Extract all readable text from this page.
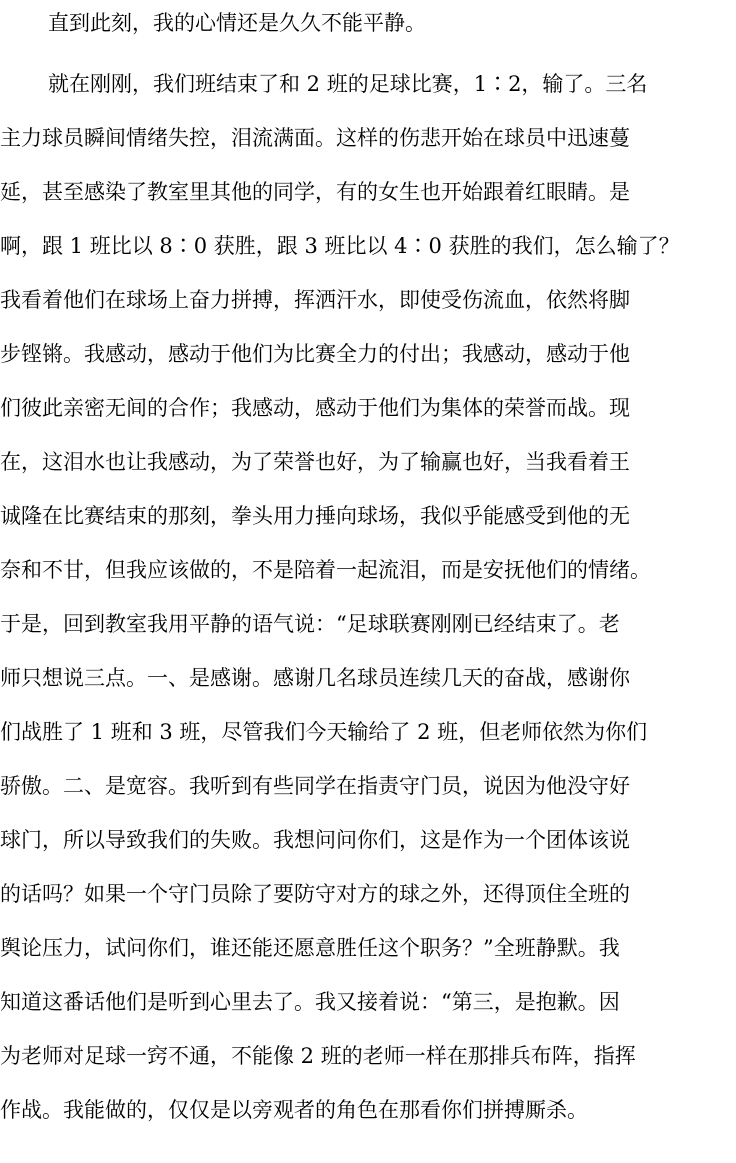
直到此刻，我的心情还是久久不能平静。
就在刚刚，我们班结束了和 2 班的足球比赛，1∶2，输了。三名
主力球员瞬间情绪失控，泪流满面。这样的伤悲开始在球员中迅速蔓
延，甚至感染了教室里其他的同学，有的女生也开始跟着红眼睛。是
啊，跟 1 班比以 8∶0 获胜，跟 3 班比以 4∶0 获胜的我们，怎么输了？
我看着他们在球场上奋力拼搏，挥洒汗水，即使受伤流血，依然将脚
步铿锵。我感动，感动于他们为比赛全力的付出；我感动，感动于他
们彼此亲密无间的合作；我感动，感动于他们为集体的荣誉而战。现
在，这泪水也让我感动，为了荣誉也好，为了输赢也好，当我看着王
诚隆在比赛结束的那刻，拳头用力捶向球场，我似乎能感受到他的无
奈和不甘，但我应该做的，不是陪着一起流泪，而是安抚他们的情绪。
于是，回到教室我用平静的语气说：“足球联赛刚刚已经结束了。老
师只想说三点。一、是感谢。感谢几名球员连续几天的奋战，感谢你
们战胜了 1 班和 3 班，尽管我们今天输给了 2 班，但老师依然为你们
骄傲。二、是宽容。我听到有些同学在指责守门员，说因为他没守好
球门，所以导致我们的失败。我想问问你们，这是作为一个团体该说
的话吗？如果一个守门员除了要防守对方的球之外，还得顶住全班的
舆论压力，试问你们，谁还能还愿意胜任这个职务？”全班静默。我
知道这番话他们是听到心里去了。我又接着说：“第三，是抱歉。因
为老师对足球一窍不通，不能像 2 班的老师一样在那排兵布阵，指挥
作战。我能做的，仅仅是以旁观者的角色在那看你们拼搏厮杀。
